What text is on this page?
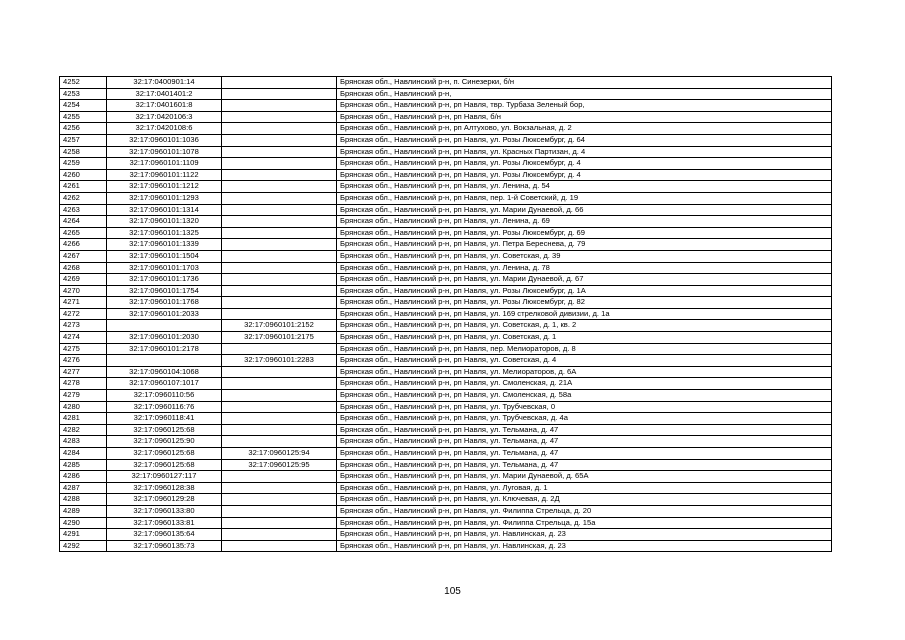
4252	32:17:0400901:14		Брянская обл., Навлинский р-н, п. Синезерки, б/н
4253	32:17:0401401:2		Брянская обл., Навлинский р-н,
4254	32:17:0401601:8		Брянская обл., Навлинский р-н, рп Навля, твр. Турбаза Зеленый бор,
4255	32:17:0420106:3		Брянская обл., Навлинский р-н, рп Навля, б/н
4256	32:17:0420108:6		Брянская обл., Навлинский р-н, рп Алтухово, ул. Вокзальная, д. 2
4257	32:17:0960101:1036		Брянская обл., Навлинский р-н, рп Навля, ул. Розы Люксембург, д. 64
4258	32:17:0960101:1078		Брянская обл., Навлинский р-н, рп Навля, ул. Красных Партизан, д. 4
4259	32:17:0960101:1109		Брянская обл., Навлинский р-н, рп Навля, ул. Розы Люксембург, д. 4
4260	32:17:0960101:1122		Брянская обл., Навлинский р-н, рп Навля, ул. Розы Люксембург, д. 4
4261	32:17:0960101:1212		Брянская обл., Навлинский р-н, рп Навля, ул. Ленина, д. 54
4262	32:17:0960101:1293		Брянская обл., Навлинский р-н, рп Навля, пер. 1-й Советский, д. 19
4263	32:17:0960101:1314		Брянская обл., Навлинский р-н, рп Навля, ул. Марии Дунаевой, д. 66
4264	32:17:0960101:1320		Брянская обл., Навлинский р-н, рп Навля, ул. Ленина, д. 69
4265	32:17:0960101:1325		Брянская обл., Навлинский р-н, рп Навля, ул. Розы Люксембург, д. 69
4266	32:17:0960101:1339		Брянская обл., Навлинский р-н, рп Навля, ул. Петра Береснева, д. 79
4267	32:17:0960101:1504		Брянская обл., Навлинский р-н, рп Навля, ул. Советская, д. 39
4268	32:17:0960101:1703		Брянская обл., Навлинский р-н, рп Навля, ул. Ленина, д. 78
4269	32:17:0960101:1736		Брянская обл., Навлинский р-н, рп Навля, ул. Марии Дунаевой, д. 67
4270	32:17:0960101:1754		Брянская обл., Навлинский р-н, рп Навля, ул. Розы Люксембург, д. 1А
4271	32:17:0960101:1768		Брянская обл., Навлинский р-н, рп Навля, ул. Розы Люксембург, д. 82
4272	32:17:0960101:2033		Брянская обл., Навлинский р-н, рп Навля, ул. 169 стрелковой дивизии, д. 1а
4273		32:17:0960101:2152	Брянская обл., Навлинский р-н, рп Навля, ул. Советская, д. 1, кв. 2
4274	32:17:0960101:2030	32:17:0960101:2175	Брянская обл., Навлинский р-н, рп Навля, ул. Советская, д. 1
4275	32:17:0960101:2178		Брянская обл., Навлинский р-н, рп Навля, пер. Мелиораторов, д. 8
4276		32:17:0960101:2283	Брянская обл., Навлинский р-н, рп Навля, ул. Советская, д. 4
4277	32:17:0960104:1068		Брянская обл., Навлинский р-н, рп Навля, ул. Мелиораторов, д. 6А
4278	32:17:0960107:1017		Брянская обл., Навлинский р-н, рп Навля, ул. Смоленская, д. 21А
4279	32:17:0960110:56		Брянская обл., Навлинский р-н, рп Навля, ул. Смоленская, д. 58а
4280	32:17:0960116:76		Брянская обл., Навлинский р-н, рп Навля, ул. Трубчевская, 0
4281	32:17:0960118:41		Брянская обл., Навлинский р-н, рп Навля, ул. Трубчевская, д. 4а
4282	32:17:0960125:68		Брянская обл., Навлинский р-н, рп Навля, ул. Тельмана, д. 47
4283	32:17:0960125:90		Брянская обл., Навлинский р-н, рп Навля, ул. Тельмана, д. 47
4284	32:17:0960125:68	32:17:0960125:94	Брянская обл., Навлинский р-н, рп Навля, ул. Тельмана, д. 47
4285	32:17:0960125:68	32:17:0960125:95	Брянская обл., Навлинский р-н, рп Навля, ул. Тельмана, д. 47
4286	32:17:0960127:117		Брянская обл., Навлинский р-н, рп Навля, ул. Марии Дунаевой, д. 65А
4287	32:17:0960128:38		Брянская обл., Навлинский р-н, рп Навля, ул. Луговая, д. 1
4288	32:17:0960129:28		Брянская обл., Навлинский р-н, рп Навля, ул. Ключевая, д. 2Д
4289	32:17:0960133:80		Брянская обл., Навлинский р-н, рп Навля, ул. Филиппа Стрельца, д. 20
4290	32:17:0960133:81		Брянская обл., Навлинский р-н, рп Навля, ул. Филиппа Стрельца, д. 15а
4291	32:17:0960135:64		Брянская обл., Навлинский р-н, рп Навля, ул. Навлинская, д. 23
4292	32:17:0960135:73		Брянская обл., Навлинский р-н, рп Навля, ул. Навлинская, д. 23
105
